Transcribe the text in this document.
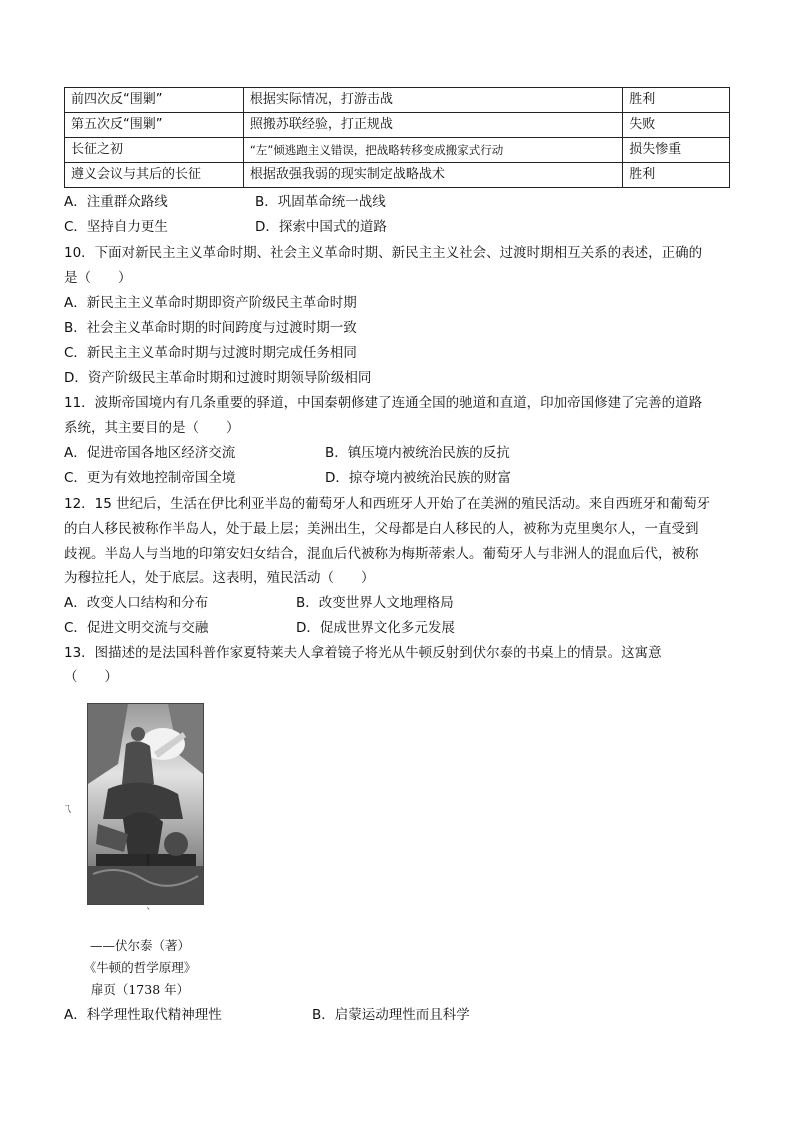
前四次反“围剿”	根据实际情况，打游击战	胜利
第五次反“围剿”	照搬苏联经验，打正规战	失败
长征之初	“左”倾逃跑主义错误，把战略转移变成搬家式行动	损失惨重
遵义会议与其后的长征	根据敌强我弱的现实制定战略战术	胜利
A．注重群众路线	B．巩固革命统一战线
C．坚持自力更生	D．探索中国式的道路
10．下面对新民主主义革命时期、社会主义革命时期、新民主主义社会、过渡时期相互关系的表述，正确的
是（　　）
A．新民主主义革命时期即资产阶级民主革命时期
B．社会主义革命时期的时间跨度与过渡时期一致
C．新民主主义革命时期与过渡时期完成任务相同
D．资产阶级民主革命时期和过渡时期领导阶级相同
11．波斯帝国境内有几条重要的驿道，中国秦朝修建了连通全国的驰道和直道，印加帝国修建了完善的道路
系统，其主要目的是（　　）
A．促进帝国各地区经济交流	B．镇压境内被统治民族的反抗
C．更为有效地控制帝国全境	D．掠夺境内被统治民族的财富
12．15 世纪后，生活在伊比利亚半岛的葡萄牙人和西班牙人开始了在美洲的殖民活动。来自西班牙和葡萄牙
的白人移民被称作半岛人，处于最上层；美洲出生，父母都是白人移民的人，被称为克里奥尔人，一直受到
歧视。半岛人与当地的印第安妇女结合，混血后代被称为梅斯蒂索人。葡萄牙人与非洲人的混血后代，被称
为穆拉托人，处于底层。这表明，殖民活动（　　）
A．改变人口结构和分布	B．改变世界人文地理格局
C．促进文明交流与交融	D．促成世界文化多元发展
13．图描述的是法国科普作家夏特莱夫人拿着镜子将光从牛顿反射到伏尔泰的书桌上的情景。这寓意
（　　）
ㄟ
ˋ
——伏尔泰（著）
《牛顿的哲学原理》
扉页（1738 年）
A．科学理性取代精神理性	B．启蒙运动理性而且科学
